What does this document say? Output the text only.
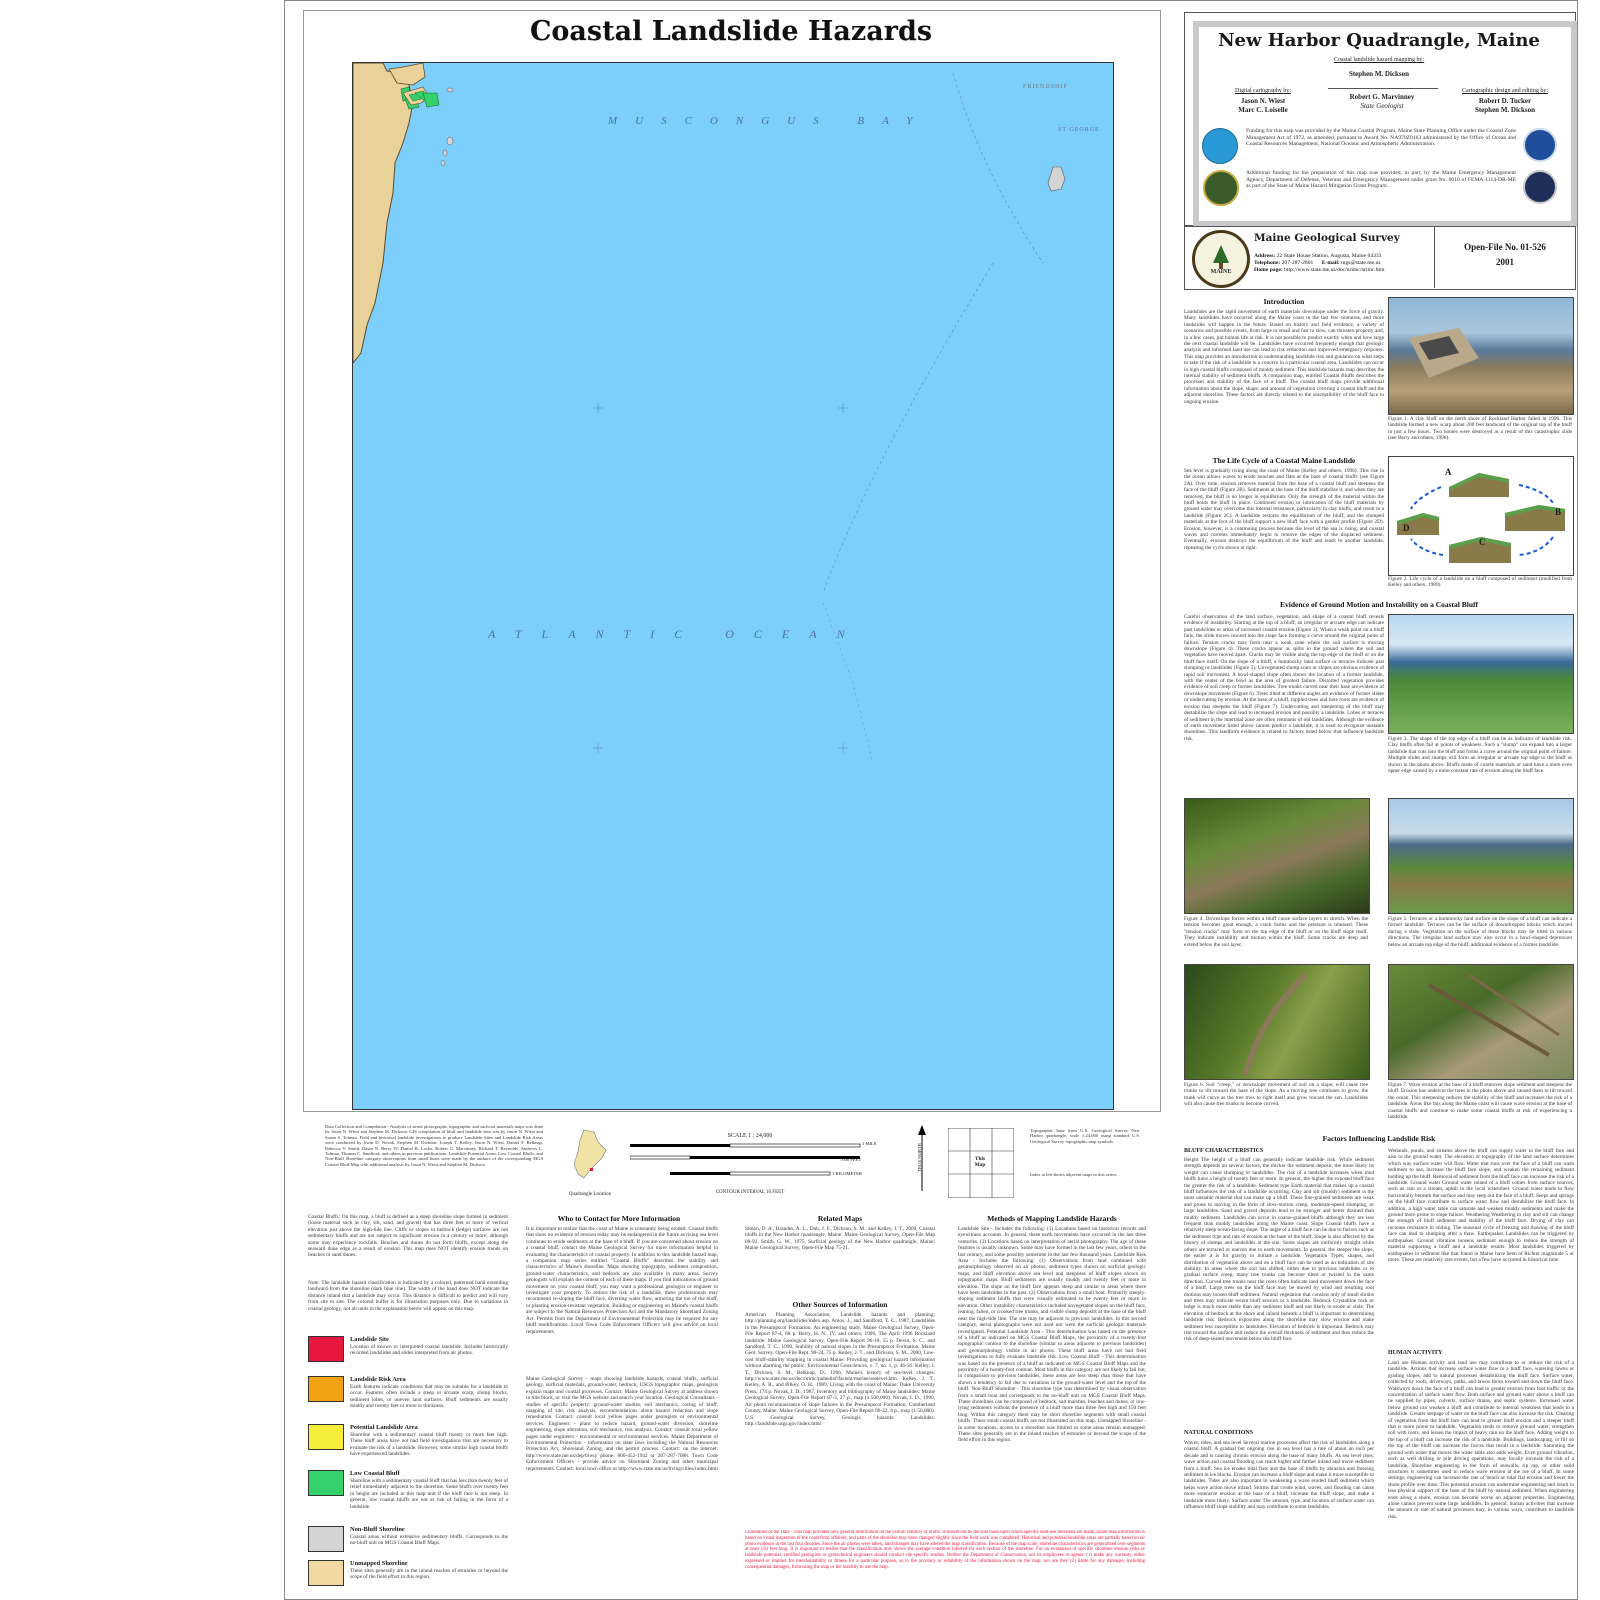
Coastal Landslide Hazards
MUSCONGUS BAY
ATLANTIC OCEAN
FRIENDSHIP
ST GEORGE
Data Collection and Compilation - Analysis of aerial photographs, topographic and surficial materials maps was done by Jason N. Wiest and Stephen M. Dickson. GIS compilation of bluff and landslide data was by Jason N. Wiest and Susan S. Tolman. Field and historical landslide investigations to produce Landslide Sites and Landslide Risk Areas were conducted by Irwin D. Novak, Stephen M. Dickson, Joseph T. Kelley, Jason N. Wiest, Daniel F. Belknap, Rebecca V. Smith, Dawn N. Berry IV, Daniel B. Locke, Robert G. Marvinney, Richard T. Reynolds, Andrews L. Tolman, Thomas C. Sandford, and others in previous publications. Landslide Potential Areas, Low Coastal Bluffs, and Non-Bluff Shoreline category observations from small boats were made by the authors of the corresponding MGS Coastal Bluff Map with additional analysis by Jason N. Wiest and Stephen M. Dickson.
Quadrangle Location
SCALE 1 : 24,000
1 MILE
7000 FEET
1 KILOMETER
CONTOUR INTERVAL 10 FEET
TRUE NORTH	This Map
Topographic base from U.S. Geological Survey New Harbor quadrangle, scale 1:24,000 using standard U.S. Geological Survey topographic map symbols.
Index at left shows adjacent maps in this series.
Coastal Bluffs: On this map, a bluff is defined as a steep shoreline slope formed in sediment (loose material such as clay, silt, sand, and gravel) that has three feet or more of vertical elevation just above the high-tide line. Cliffs or slopes in bedrock (ledge) surfaces are not sedimentary bluffs and are not subject to significant erosion in a century or more, although some may experience rockfalls. Beaches and dunes do not form bluffs, except along the seaward dune edge as a result of erosion. This map does NOT identify erosion trends on beaches or sand dunes.
Note: The landslide hazard classification is indicated by a colored, patterned band extending landward from the shoreline (dark blue line). The width of the band does NOT indicate the distance inland that a landslide may occur. This distance is difficult to predict and will vary from site to site. The colored buffer is for illustration purposes only. Due to variations in coastal geology, not all units in the explanation below will appear on this map.
Landslide Site
Location of known or interpreted coastal landslide. Includes historically recorded landslides and slides interpreted from air photos.
Landslide Risk Area
Earth features indicate conditions that may be suitable for a landslide to occur. Features often include a steep or arcuate scarp, slump blocks, sediment lobes, or uneven land surfaces. Bluff sediments are usually muddy and twenty feet or more in thickness.
Potential Landslide Area
Shoreline with a sedimentary coastal bluff twenty or more feet high. These bluff areas have not had field investigations that are necessary to evaluate the risk of a landslide. However, some similar high coastal bluffs have experienced landslides.
Low Coastal Bluff
Shoreline with a sedimentary coastal bluff that has less than twenty feet of relief immediately adjacent to the shoreline. Some bluffs over twenty feet in height are included in this map unit if the bluff face is not steep. In general, low coastal bluffs are not at risk of failing in the form of a landslide.
Non-Bluff Shoreline
Coastal areas without extensive sedimentary bluffs. Corresponds to the no-bluff unit on MGS Coastal Bluff Maps.
Unmapped Shoreline
These sites generally are in the inland reaches of estuaries or beyond the scope of the field effort in this region.
Who to Contact for More Information
It is important to realize that the coast of Maine is constantly being eroded. Coastal bluffs that show no evidence of erosion today may be endangered in the future as rising sea level continues to erode sediments at the base of a bluff. If you are concerned about erosion on a coastal bluff, contact the Maine Geological Survey for more information helpful in evaluating the characteristics of coastal property. In addition to this landslide hazard map, a companion map series entitled "Coastal Bluffs" describes the stability and characteristics of Maine's shoreline. Maps showing topography, sediment composition, ground-water characteristics, and bedrock are also available in many areas. Survey geologists will explain the content of each of these maps. If you find indications of ground movement on your coastal bluff, you may want a professional geologist or engineer to investigate your property. To reduce the risk of a landslide, these professionals may recommend re-sloping the bluff face, diverting water flow, armoring the toe of the bluff, or planting erosion-resistant vegetation. Building or engineering on Maine's coastal bluffs are subject to the Natural Resources Protection Act and the Mandatory Shoreland Zoning Act. Permits from the Department of Environmental Protection may be required for any bluff modifications. Local Town Code Enforcement Officers will give advice on local requirements.
Maine Geological Survey - maps showing landslide hazards, coastal bluffs, surficial geology, surficial materials, ground-water, bedrock, USGS topographic maps, geologists explain maps and coastal processes. Contact: Maine Geological Survey at address shown in title block, or visit the MGS website and search your location. Geological Consultants - studies of specific property: ground-water studies, soil mechanics, coring of bluff, mapping of site, risk analysis, recommendations about hazard reduction and slope remediation. Contact: consult local yellow pages under geologists or environmental services. Engineers - plans to reduce hazard, ground-water diversion, shoreline engineering, slope alteration, soil mechanics, risk analysis. Contact: consult local yellow pages under engineers - environmental or environmental services. Maine Department of Environmental Protection - information on state laws including the Natural Resources Protection Act, Shoreland Zoning, and the permit process. Contact: on the internet: http://www.state.me.us/dep/blwq/ phone: 800-452-1942 or 207-287-7688. Town Code Enforcement Officers - provide advice on Shoreland Zoning and other municipal requirements. Contact: local town office or http://www.state.me.us/living/cities/index.html
Related Maps
Simon, D. A., Brandes, A. L., Dub, J. F., Dickson, S. M., and Kelley, J. T., 2000, Coastal bluffs in the New Harbor quadrangle, Maine: Maine Geological Survey, Open-File Map 00-92. Smith, G. W., 1975, Surficial geology of the New Harbor quadrangle, Maine: Maine Geological Survey, Open-File Map 75-21.
Other Sources of Information
American Planning Association, Landslide hazards and planning: http://planning.org/landslides/index.asp. Amos, J., and Sandford, T. C., 1987, Landslides in the Presumpscot Formation. An engineering study. Maine Geological Survey, Open-File Report 87-4, 68 p. Berry, H. N., IV, and others, 1996, The April 1996 Rockland landslide: Maine Geological Survey, Open-File Report 96-18, 55 p. Devin, S. C., and Sandford, T. C., 1990, Stability of natural slopes in the Presumpscot Formation. Maine Geol. Survey, Open-File Rept. 90-24, 75 p. Kelley, J. T., and Dickson, S. M., 2000, Low-cost bluff-stability mapping in coastal Maine: Providing geological hazard information without alarming the public: Environmental Geosciences, v. 7, no. 1, p. 46-56. Kelley, J. T., Dickson, S. M., Belknap, D., 1996, Maine's history of sea-level changes: http://www.state.me.us/doc/nrimc/pubedinf/factsht/marine/sealevel.htm. Kelley, J. T., Kelley, A. R., and Pilkey, O. H., 1989, Living with the coast of Maine: Duke University Press, 174 p. Novak, I. D., 1987, Inventory and bibliography of Maine landslides: Maine Geological Survey, Open-File Report 87-3, 27 p., map (1:500,000). Novak, I. D., 1990, Air photo reconnaissance of slope failures in the Presumpscot Formation, Cumberland County, Maine: Maine Geological Survey, Open-File Report 90-22, 4 p., map (1:50,000). U.S. Geological Survey, Geologic hazards: Landslides: http://landslide.usgs.gov/index.html
Limitations of the Data - This map provides only general information on the overall stability of bluffs. It should not be the sole basis upon which specific land-use decisions are made. Some map information is based on visual inspection of the coast from offshore, and parts of the shoreline may have changed slightly since the field work was completed. Historical and potential landslide areas are partially based on air photo evidence in the last four decades. Since the air photos were taken, land changes may have altered the map classification. Because of the map scale, shoreline characteristics are generalized over segments at least 150 feet long. It is important to realize that the classification only shows the average condition inferred for each section of the shoreline. For an evaluation of specific shoreline erosion risks or landslide potential, certified geologists or geotechnical engineers should conduct site-specific studies. Neither the Department of Conservation, nor its employees or agents: (1) make any warranty, either expressed or implied for merchantability or fitness for a particular purpose, as to the accuracy or reliability of the information shown on the map; nor are they (2) liable for any damages, including consequential damages, from using the map or the inability to use the map.
Methods of Mapping Landslide Hazards
Landslide Site - Includes the following: (1) Locations based on historical records and eyewitness accounts. In general, these earth movements have occurred in the last three centuries. (2) Locations based on interpretation of aerial photography. The age of these features is usually unknown. Some may have formed in the last few years, others in the last century, and some possibly sometime in the last few thousand years. Landslide Risk Area - Includes the following: (1) Observations from land combined with geomorphology observed on air photos, sediment types shown on surficial geologic maps, and bluff elevation above sea level and steepness of bluff slopes shown on topographic maps. Bluff sediments are usually muddy and twenty feet or more in elevation. The slope on the bluff face appears steep and similar to areas where there have been landslides in the past. (2) Observations from a small boat. Primarily steeply-sloping sediment bluffs that were visually estimated to be twenty feet or more in elevation. Other instability characteristics included unvegetated slopes on the bluff face, leaning, fallen, or crooked tree trunks, and visible slump deposits at the base of the bluff near the high-tide line. The site may be adjacent to previous landslides. In this second category, aerial photographs were not used nor were the surficial geologic materials investigated. Potential Landslide Area - This determination was based on the presence of a bluff as indicated on MGS Coastal Bluff Maps, the proximity of a twenty-foot topographic contour to the shoreline (similar to areas adjacent to previous landslides) and geomorphology visible in air photos. These bluff areas have not had field investigations to fully evaluate landslide risk. Low Coastal Bluff - This determination was based on the presence of a bluff as indicated on MGS Coastal Bluff Maps and the proximity of a twenty-foot contour. Most bluffs in this category are not likely to fail but, in comparison to previous landslides, these areas are less steep than those that have shown a tendency to fail due to variations in the ground-water level and the top of the bluff. Non-Bluff Shoreline - This shoreline type was determined by visual observation from a small boat and corresponds to the no-bluff unit on MGS Coastal Bluff Maps. These shorelines can be composed of bedrock, salt marshes, beaches and dunes, or low-lying sediments without the presence of a bluff more than three feet high and 150 feet long. Within this category there may be short shoreline segments with small coastal bluffs. These small coastal bluffs are not illustrated on this map. Unmapped Shoreline - In some locations, access to a shoreline was limited so some areas remain unmapped. These sites generally are in the inland reaches of estuaries or beyond the scope of the field effort in this region.
New Harbor Quadrangle, Maine
Coastal landslide hazard mapping by:
Stephen M. Dickson
Digital cartography by:
Jason N. Wiest
Marc C. Loiselle
Robert G. Marvinney
State Geologist
Cartographic design and editing by:
Robert D. Tucker
Stephen M. Dickson
Funding for this map was provided by the Maine Coastal Program, Maine State Planning Office under the Coastal Zone Management Act of 1972, as amended, pursuant to Award No. NA970Z0163 administered by the Office of Ocean and Coastal Resources Management, National Oceanic and Atmospheric Administration.
Additional funding for the preparation of this map was provided, in part, by the Maine Emergency Management Agency, Department of Defense, Veterans and Emergency Management under grant No. 0010 of FEMA-1114-DR-ME as part of the State of Maine Hazard Mitigation Grant Program.
MAINE
Maine Geological Survey
Address: 22 State House Station, Augusta, Maine 04333
Telephone: 207-287-2801 E-mail: mgs@state.me.us
Home page: http://www.state.me.us/doc/nrimc/nrimc.htm
Open-File No. 01-526
2001
Introduction
Landslides are the rapid movement of earth materials downslope under the force of gravity. Many landslides have occurred along the Maine coast in the last few centuries, and more landslides will happen in the future. Based on history and field evidence, a variety of scenarios and possible events, from large to small and fast to slow, can threaten property and, in a few cases, put human life at risk. It is not possible to predict exactly when and how large the next coastal landslide will be. Landslides have occurred frequently enough that geologic analysis and informed land use can lead to risk reduction and improved emergency response. This map provides an introduction to understanding landslide risk and guidance on what steps to take if the risk of a landslide is a concern in a particular coastal area. Landslides can occur in high coastal bluffs composed of muddy sediment. This landslide hazards map describes the internal stability of sediment bluffs. A companion map, entitled Coastal Bluffs describes the processes and stability of the face of a bluff. The coastal bluff maps provide additional information about the slope, shape, and amount of vegetation covering a coastal bluff and the adjacent shoreline. These factors are directly related to the susceptibility of the bluff face to ongoing erosion.
Figure 1. A clay bluff on the north shore of Rockland Harbor failed in 1996. This landslide formed a new scarp about 200 feet landward of the original top of the bluff in just a few hours. Two homes were destroyed as a result of this catastrophic slide (see Berry and others, 1996).
The Life Cycle of a Coastal Maine Landslide
Sea level is gradually rising along the coast of Maine (Kelley and others, 1996). This rise in the ocean allows waves to erode beaches and flats at the base of coastal bluffs (see Figure 2A). Over time, erosion removes material from the base of a coastal bluff and steepens the face of the bluff (Figure 2B). Sediments at the base of the bluff stabilize it, and when they are removed, the bluff is no longer in equilibrium. Only the strength of the material within the bluff holds the bluff in place. Continued erosion or lubrication of the bluff materials by ground water may overcome this internal resistance, particularly in clay bluffs, and result in a landslide (Figure 2C). A landslide restores the equilibrium of the bluff, and the slumped materials at the foot of the bluff support a new bluff face with a gentler profile (Figure 2D). Erosion, however, is a continuing process because the level of the sea is rising, and coastal waves and currents immediately begin to remove the edges of the displaced sediment. Eventually, erosion destroys the equilibrium of the bluff and leads to another landslide, repeating the cycle shown at right.
A
B
C
D
Figure 2. Life cycle of a landslide on a bluff composed of sediment (modified from Kelley and others, 1989).
Evidence of Ground Motion and Instability on a Coastal Bluff
Careful observation of the land surface, vegetation, and shape of a coastal bluff reveals evidence of instability. Starting at the top of a bluff, an irregular or arcuate edge can indicate past landslides or areas of increased coastal erosion (Figure 3). When a weak point on a bluff fails, the slide moves inward into the slope face forming a curve around the original point of failure. Tension cracks may form near a weak zone where the soil surface is moving downslope (Figure 4). These cracks appear as splits in the ground where the soil and vegetation have moved apart. Cracks may be visible along the top edge of the bluff or on the bluff face itself. On the slope of a bluff, a hummocky land surface or terraces indicate past slumping or landslides (Figure 5). Unvegetated slump scars or slopes are obvious evidence of rapid soil movement. A bowl-shaped slope often shows the location of a former landslide, with the center of the bowl as the area of greatest failure. Distorted vegetation provides evidence of soil creep or former landslides. Tree trunks curved near their base are evidence of downslope movement (Figure 6). Trees tilted at different angles are evidence of former slides or undercutting by erosion. At the base of a bluff, toppled trees and bare roots are evidence of erosion that steepens the bluff (Figure 7). Undercutting and steepening of the bluff may destabilize the slope and lead to increased erosion and possibly a landslide. Lobes or terraces of sediment in the intertidal zone are often remnants of old landslides. Although the evidence of earth movement listed above cannot predict a landslide, it is used to recognize unstable shorelines. This landform evidence is related to factors listed below that influence landslide risk.	Figure 3. The shape of the top edge of a bluff can be as indicator of landslide risk. Clay bluffs often fail at points of weakness. Such a "slump" can expand into a larger landslide that cuts into the bluff and forms a curve around the original point of failure. Multiple slides and slumps will form an irregular or arcuate top edge to the bluff as shown in the photo above. Bluffs made of coarse materials or sand have a more even upper edge caused by a more constant rate of erosion along the bluff face.
Figure 4. Downslope forces within a bluff cause surface layers to stretch. When the tension becomes great enough, a crack forms and the pressure is released. These "tension cracks" may form on the top edge of the bluff or on the bluff slope itself. They indicate instability and motion within the bluff. Some cracks are deep and extend below the soil layer.
Figure 5. Terraces or a hummocky land surface on the slope of a bluff can indicate a former landslide. Terraces can be the surface of downdropped blocks which moved during a slide. Vegetation on the surface of these blocks may be tilted in various directions. The irregular land surface may also occur in a bowl-shaped depression below an arcuate top edge of the bluff, additional evidence of a former landslide.
Figure 6. Soil "creep," or downslope movement of soil on a slope, will cause tree trunks to tilt toward the base of the slope. As a moving tree continues to grow, the trunk will curve as the tree tries to right itself and grow toward the sun. Landslides will also cause tree trunks to become curved.
Figure 7. Wave erosion at the base of a bluff removes slope sediment and steepens the bluff. Erosion has undercut the trees in the photo above and caused them to tilt toward the ocean. This steepening reduces the stability of the bluff and increases the risk of a landslide. Areas like this along the Maine coast will cause wave erosion at the base of coastal bluffs and continue to make some coastal bluffs at risk of experiencing a landslide.
Factors Influencing Landslide Risk
BLUFF CHARACTERISTICS
Height The height of a bluff can generally indicate landslide risk. While sediment strength depends on several factors, the thicker the sediment deposit, the more likely its weight can cause slumping or landslides. The risk of a landslide increases when mud bluffs have a height of twenty feet or more. In general, the higher the exposed bluff face the greater the risk of a landslide. Sediment type Earth material that makes up a coastal bluff influences the risk of a landslide occurring. Clay and silt (muddy) sediment is the most unstable material that can make up a bluff. These fine-grained sediments are weak and prone to moving in the form of slow-motion creep, moderate-speed slumping, or large landslides. Sand and gravel deposits tend to be stronger and better drained than muddy sediment. Landslides can occur in coarse-grained bluffs although they are less frequent than muddy landslides along the Maine coast. Slope Coastal bluffs have a relatively steep ocean-facing slope. The angle of a bluff face can be due to factors such as the sediment type and rate of erosion at the base of the bluff. Slope is also affected by the history of slumps and landslides at the site. Some slopes are uniformly straight while others are terraced or uneven due to earth movements. In general, the steeper the slope, the easier it is for gravity to initiate a landslide. Vegetation Types, shapes, and distribution of vegetation above and on a bluff face can be used as an indication of site stability. In areas where the soil has shifted, either due to previous landslides or to gradual surface creep, many tree trunks can become tilted or twisted in the same direction. Curved tree trunks near the roots often indicate land movement down the face of a bluff. Large trees on the bluff face may be moved by wind and resulting root motions may loosen bluff sediment. Natural vegetation that consists only of small shrubs and trees may indicate recent bluff erosion or a landslide. Bedrock Crystalline rock or ledge is much more stable than any sediment bluff and not likely to erode or slide. The elevation of bedrock at the shore and inland beneath a bluff is important to determining landslide risk. Bedrock exposures along the shoreline may slow erosion and make sediment less susceptible to landslides. Elevation of bedrock is important. Bedrock may rise toward the surface and reduce the overall thickness of sediment and thus reduce the risk of deep-seated movement below the bluff face.
NATURAL CONDITIONS
Waves, tides, and sea level Several marine processes affect the risk of landslides along a coastal bluff. A gradual but ongoing rise in sea level has a rate of about an inch per decade and is causing chronic erosion along the base of many bluffs. As sea level rises, wave action and coastal flooding can reach higher and farther inland and move sediment from a bluff. Sea ice erodes tidal flats and the base of bluffs by abrasion and freezing sediment in ice blocks. Erosion can increase a bluff slope and make it more susceptible to landslides. Tides are also important in weakening a wave eroded bluff sediment which helps wave action move inland. Storms that create wind, waves, and flooding can cause more extensive erosion at the base of a bluff, increase the bluff slope, and make a landslide more likely. Surface water The amount, type, and location of surface water can influence bluff slope stability and may contribute to some landslides.
Wetlands, ponds, and streams above the bluff can supply water to the bluff face and also to the ground water. The elevation or topography of the land surface determines which way surface water will flow. Water that runs over the face of a bluff can wash sediment to sea, increase the bluff face slope, and weaken the remaining sediment holding up the bluff. Removal of sediment from the bluff face can increase the risk of a landslide. Ground water Ground water inland of a bluff comes from surface sources, such as rain or a stream, uphill in the local watershed. Ground water tends to flow horizontally beneath the surface and may seep out the face of a bluff. Seeps and springs on the bluff face contribute to surface water flow and destabilize the bluff face. In addition, a high water table can saturate and weaken muddy sediments and make the ground more prone to slope failure. Weathering Weathering in clay and silt can change the strength of bluff sediment and stability of the bluff face. Drying of clay can increase resistance to sliding. The seasonal cycle of freezing and thawing of the bluff face can lead to slumping after a thaw. Earthquakes Landslides can be triggered by earthquakes. Ground vibration loosens sediment enough to reduce the strength of material supporting a bluff and a landslide results. Most landslides triggered by earthquakes in sediment like that found in Maine have been of Richter magnitude 5 or more. These are relatively rare events, but a few have occurred in historical time.
HUMAN ACTIVITY
Land use Human activity and land use may contribute to or reduce the risk of a landslide. Actions that increase surface water flow to a bluff face, watering lawns or grading slopes, add to natural processes destabilizing the bluff face. Surface water, collected by roofs, driveways, paths, and lawns flows toward and down the bluff face. Walkways down the face of a bluff can lead to greater erosion from foot traffic or the concentration of surface water flow. Both surface and ground water above a bluff can be supplied by pipes, culverts, surface drains, and septic systems. Increased water below ground can weaken a bluff and contribute to internal weakness that leads to a landslide. Greater seepage of water on the bluff face can also increase the risk. Clearing of vegetation from the bluff face can lead to greater bluff erosion and a steeper bluff that is more prone to landslide. Vegetation tends to remove ground water, strengthen soil with roots, and lessen the impact of heavy rain on the bluff face. Adding weight to the top of a bluff can increase the risk of a landslide. Buildings, landscaping, or fill on the top of the bluff can increase the forces that result in a landslide. Saturating the ground with water that moves the water table also adds weight. Even ground vibration, such as well drilling or pile driving operations, may locally increase the risk of a landslide. Shoreline engineering in the form of seawalls, rip rap, or other solid structures is sometimes used to reduce wave erosion at the toe of a bluff. In some settings, engineering can increase the rate of beach or tidal flat erosion and lower the shore profile over time. This potential erosion can undermine engineering and result in less physical support of the base of the bluff by natural sediment. When engineering ends along a shore, erosion can become worse on adjacent properties. Engineering alone cannot prevent some large landslides. In general, human activities that increase the amount or rate of natural processes may, in various ways, contribute to landslide risk.
